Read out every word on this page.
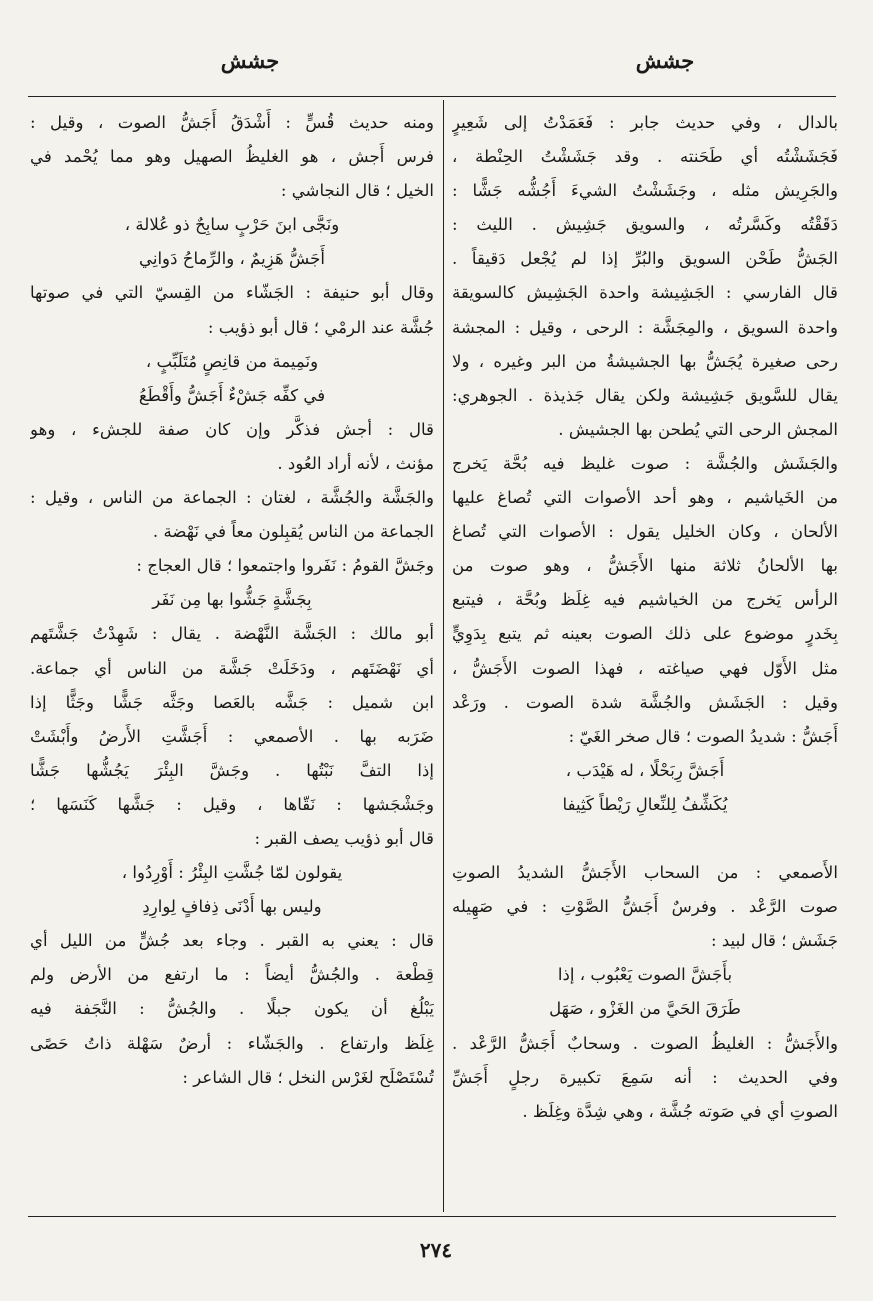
جشش
جشش
بالدال ، وفي حديث جابر : فَعَمَدْتُ إلى شَعِيرٍ
فَجَشَشْتُه أي طَحَنته . وقد جَشَشْتُ الحِنْطة ،
والجَرِيش مثله ، وجَشَشْتُ الشيءَ أَجُشُّه جَشًّا :
دَقَقْتُه وكَسَّرتُه ، والسويق جَشِيش . الليث :
الجَشُّ طَحْن السويق والبُرِّ إذا لم يُجْعل دَقيقاً .
قال الفارسي : الجَشِيشة واحدة الجَشِيش كالسويقة
واحدة السويق ، والمِجَشَّة : الرحى ، وقيل : المجشة
رحى صغيرة يُجَشُّ بها الجشيشةُ من البر وغيره ، ولا
يقال للسَّويق جَشِيشة ولكن يقال جَذيذة . الجوهري:
المجش الرحى التي يُطحن بها الجشيش .
والجَشَش والجُشَّة : صوت غليظ فيه بُحَّة يَخرج
من الخَياشيم ، وهو أحد الأصوات التي تُصاغ عليها
الألحان ، وكان الخليل يقول : الأصوات التي تُصاغ
بها الألحانُ ثلاثة منها الأَجَشُّ ، وهو صوت من
الرأس يَخرج من الخياشيم فيه غِلَظ وبُحَّة ، فيتبع
بِخَدرٍ موضوع على ذلك الصوت بعينه ثم يتبع بِدَوِيٍّ
مثل الأَوّل فهي صياغته ، فهذا الصوت الأَجَشُّ ،
وقيل : الجَشَش والجُشَّة شدة الصوت . ورَعْد
أَجَشُّ : شديدُ الصوت ؛ قال صخر الغَيّ :
أَجَشَّ رِبَحْلًا ، له هَيْدَب ،
يُكَشِّفُ لِلنِّعالِ رَيْطاً كَثِيفا
الأَصمعي : من السحاب الأَجَشُّ الشديدُ الصوتِ
صوت الرَّعْد . وفرسٌ أَجَشُّ الصَّوْتِ : في صَهِيله
جَشَش ؛ قال لبيد :
بأَجَشَّ الصوت يَعْبُوب ، إذا
طَرَقَ الحَيَّ من الغَزْو ، صَهَل
والأَجَشُّ : الغليظُ الصوت . وسحابٌ أَجَشُّ الرَّعْد .
وفي الحديث : أنه سَمِعَ تكبيرة رجلٍ أَجَشِّ
الصوتِ أي في صَوته جُشَّة ، وهي شِدَّة وغِلَظ .
ومنه حديث قُسٍّ : أَشْدَقُ أَجَشُّ الصوت ، وقيل :
فرس أَجش ، هو الغليظُ الصهيل وهو مما يُحْمد في
الخيل ؛ قال النجاشي :
ونَجَّى ابنَ حَرْبٍ سابِحٌ ذو عُلالة ،
أَجَشُّ هَزِيمٌ ، والرِّماحُ دَوانِي
وقال أبو حنيفة : الجَشّاء من القِسيّ التي في صوتها
جُشَّة عند الرمْي ؛ قال أبو ذؤيب :
ونَمِيمة من قانِصٍ مُتَلَبِّبٍ ،
في كفِّه جَشْءٌ أَجَشُّ وأَقْطَعُ
قال : أجش فذكَّر وإن كان صفة للجشء ، وهو
مؤنث ، لأنه أراد العُود .
والجَشَّة والجُشَّة ، لغتان : الجماعة من الناس ، وقيل :
الجماعة من الناس يُقبِلون معاً في نَهْضة .
وجَشَّ القومُ : نَفَروا واجتمعوا ؛ قال العجاج :
بِجَشَّةٍ جَشُّوا بها مِن نَفَر
أبو مالك : الجَشَّة النَّهْضة . يقال : شَهِدْتُ جَشَّتَهم
أي نَهْضَتَهم ، ودَخَلَتْ جَشَّة من الناس أي جماعة.
ابن شميل : جَشَّه بالعَصا وجَثَّه جَشًّا وجَثًّا إذا
ضَرَبه بها . الأصمعي : أَجَشَّتِ الأَرضُ وأَبْشَتْ
إذا التفَّ نَبْتُها . وجَشَّ البِئْرَ يَجُشُّها جَشًّا
وجَشْجَشها : نَقّاها ، وقيل : جَشَّها كَنَسَها ؛
قال أبو ذؤيب يصف القبر :
يقولون لمّا جُشَّتِ البِئْرُ : أَوْرِدُوا ،
وليس بها أَدْنَى ذِفافٍ لِوارِدِ
قال : يعني به القبر . وجاء بعد جُشٍّ من الليل أي
قِطْعة . والجُشُّ أيضاً : ما ارتفع من الأرض ولم
يَبْلُغ أن يكون جبلًا . والجُشُّ : النَّجَفة فيه
غِلَظ وارتفاع . والجَشّاء : أرضٌ سَهْلة ذاتُ حَصًى
تُسْتَصْلَح لغَرْس النخل ؛ قال الشاعر :
٢٧٤
